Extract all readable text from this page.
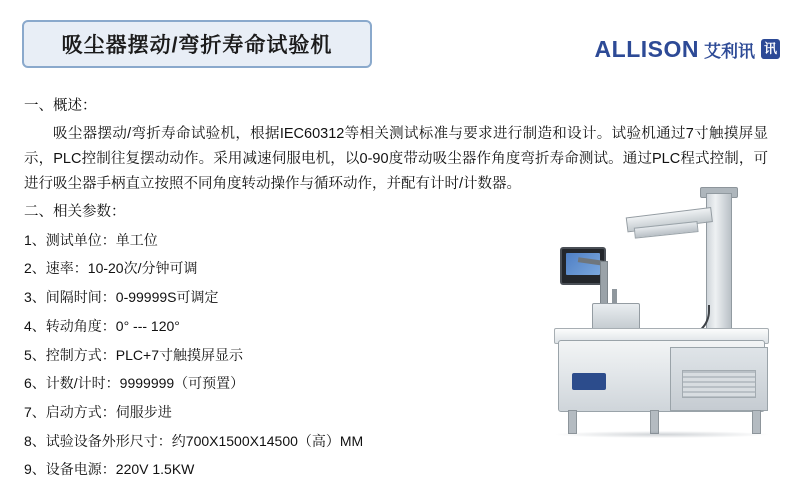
吸尘器摆动/弯折寿命试验机	ALLISON 艾利讯 讯

一、概述：

吸尘器摆动/弯折寿命试验机，根据IEC60312等相关测试标准与要求进行制造和设计。试验机通过7寸触摸屏显示，PLC控制往复摆动动作。采用减速伺服电机，以0-90度带动吸尘器作角度弯折寿命测试。通过PLC程式控制，可进行吸尘器手柄直立按照不同角度转动操作与循环动作，并配有计时/计数器。

二、相关参数：

1、测试单位：单工位
2、速率：10-20次/分钟可调
3、间隔时间：0-99999S可调定
4、转动角度：0° --- 120°
5、控制方式：PLC+7寸触摸屏显示
6、计数/计时：9999999（可预置）
7、启动方式：伺服步进
8、试验设备外形尺寸：约700X1500X14500（高）MM
9、设备电源：220V 1.5KW
